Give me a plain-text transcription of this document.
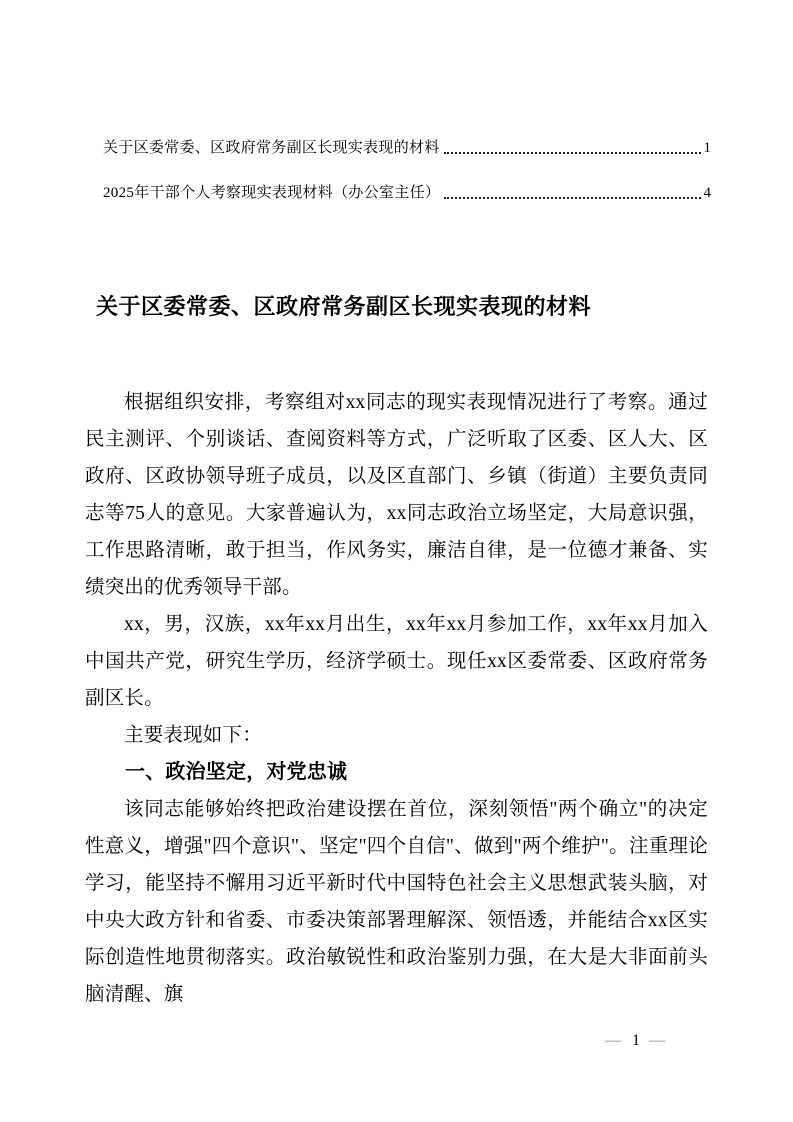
关于区委常委、区政府常务副区长现实表现的材料	1
2025年干部个人考察现实表现材料（办公室主任）	4
关于区委常委、区政府常务副区长现实表现的材料

根据组织安排，考察组对xx同志的现实表现情况进行了考察。通过民主测评、个别谈话、查阅资料等方式，广泛听取了区委、区人大、区政府、区政协领导班子成员，以及区直部门、乡镇（街道）主要负责同志等75人的意见。大家普遍认为，xx同志政治立场坚定，大局意识强，工作思路清晰，敢于担当，作风务实，廉洁自律，是一位德才兼备、实绩突出的优秀领导干部。

xx，男，汉族，xx年xx月出生，xx年xx月参加工作，xx年xx月加入中国共产党，研究生学历，经济学硕士。现任xx区委常委、区政府常务副区长。

主要表现如下：

一、政治坚定，对党忠诚

该同志能够始终把政治建设摆在首位，深刻领悟"两个确立"的决定性意义，增强"四个意识"、坚定"四个自信"、做到"两个维护"。注重理论学习，能坚持不懈用习近平新时代中国特色社会主义思想武装头脑，对中央大政方针和省委、市委决策部署理解深、领悟透，并能结合xx区实际创造性地贯彻落实。政治敏锐性和政治鉴别力强，在大是大非面前头脑清醒、旗

— 1 —
